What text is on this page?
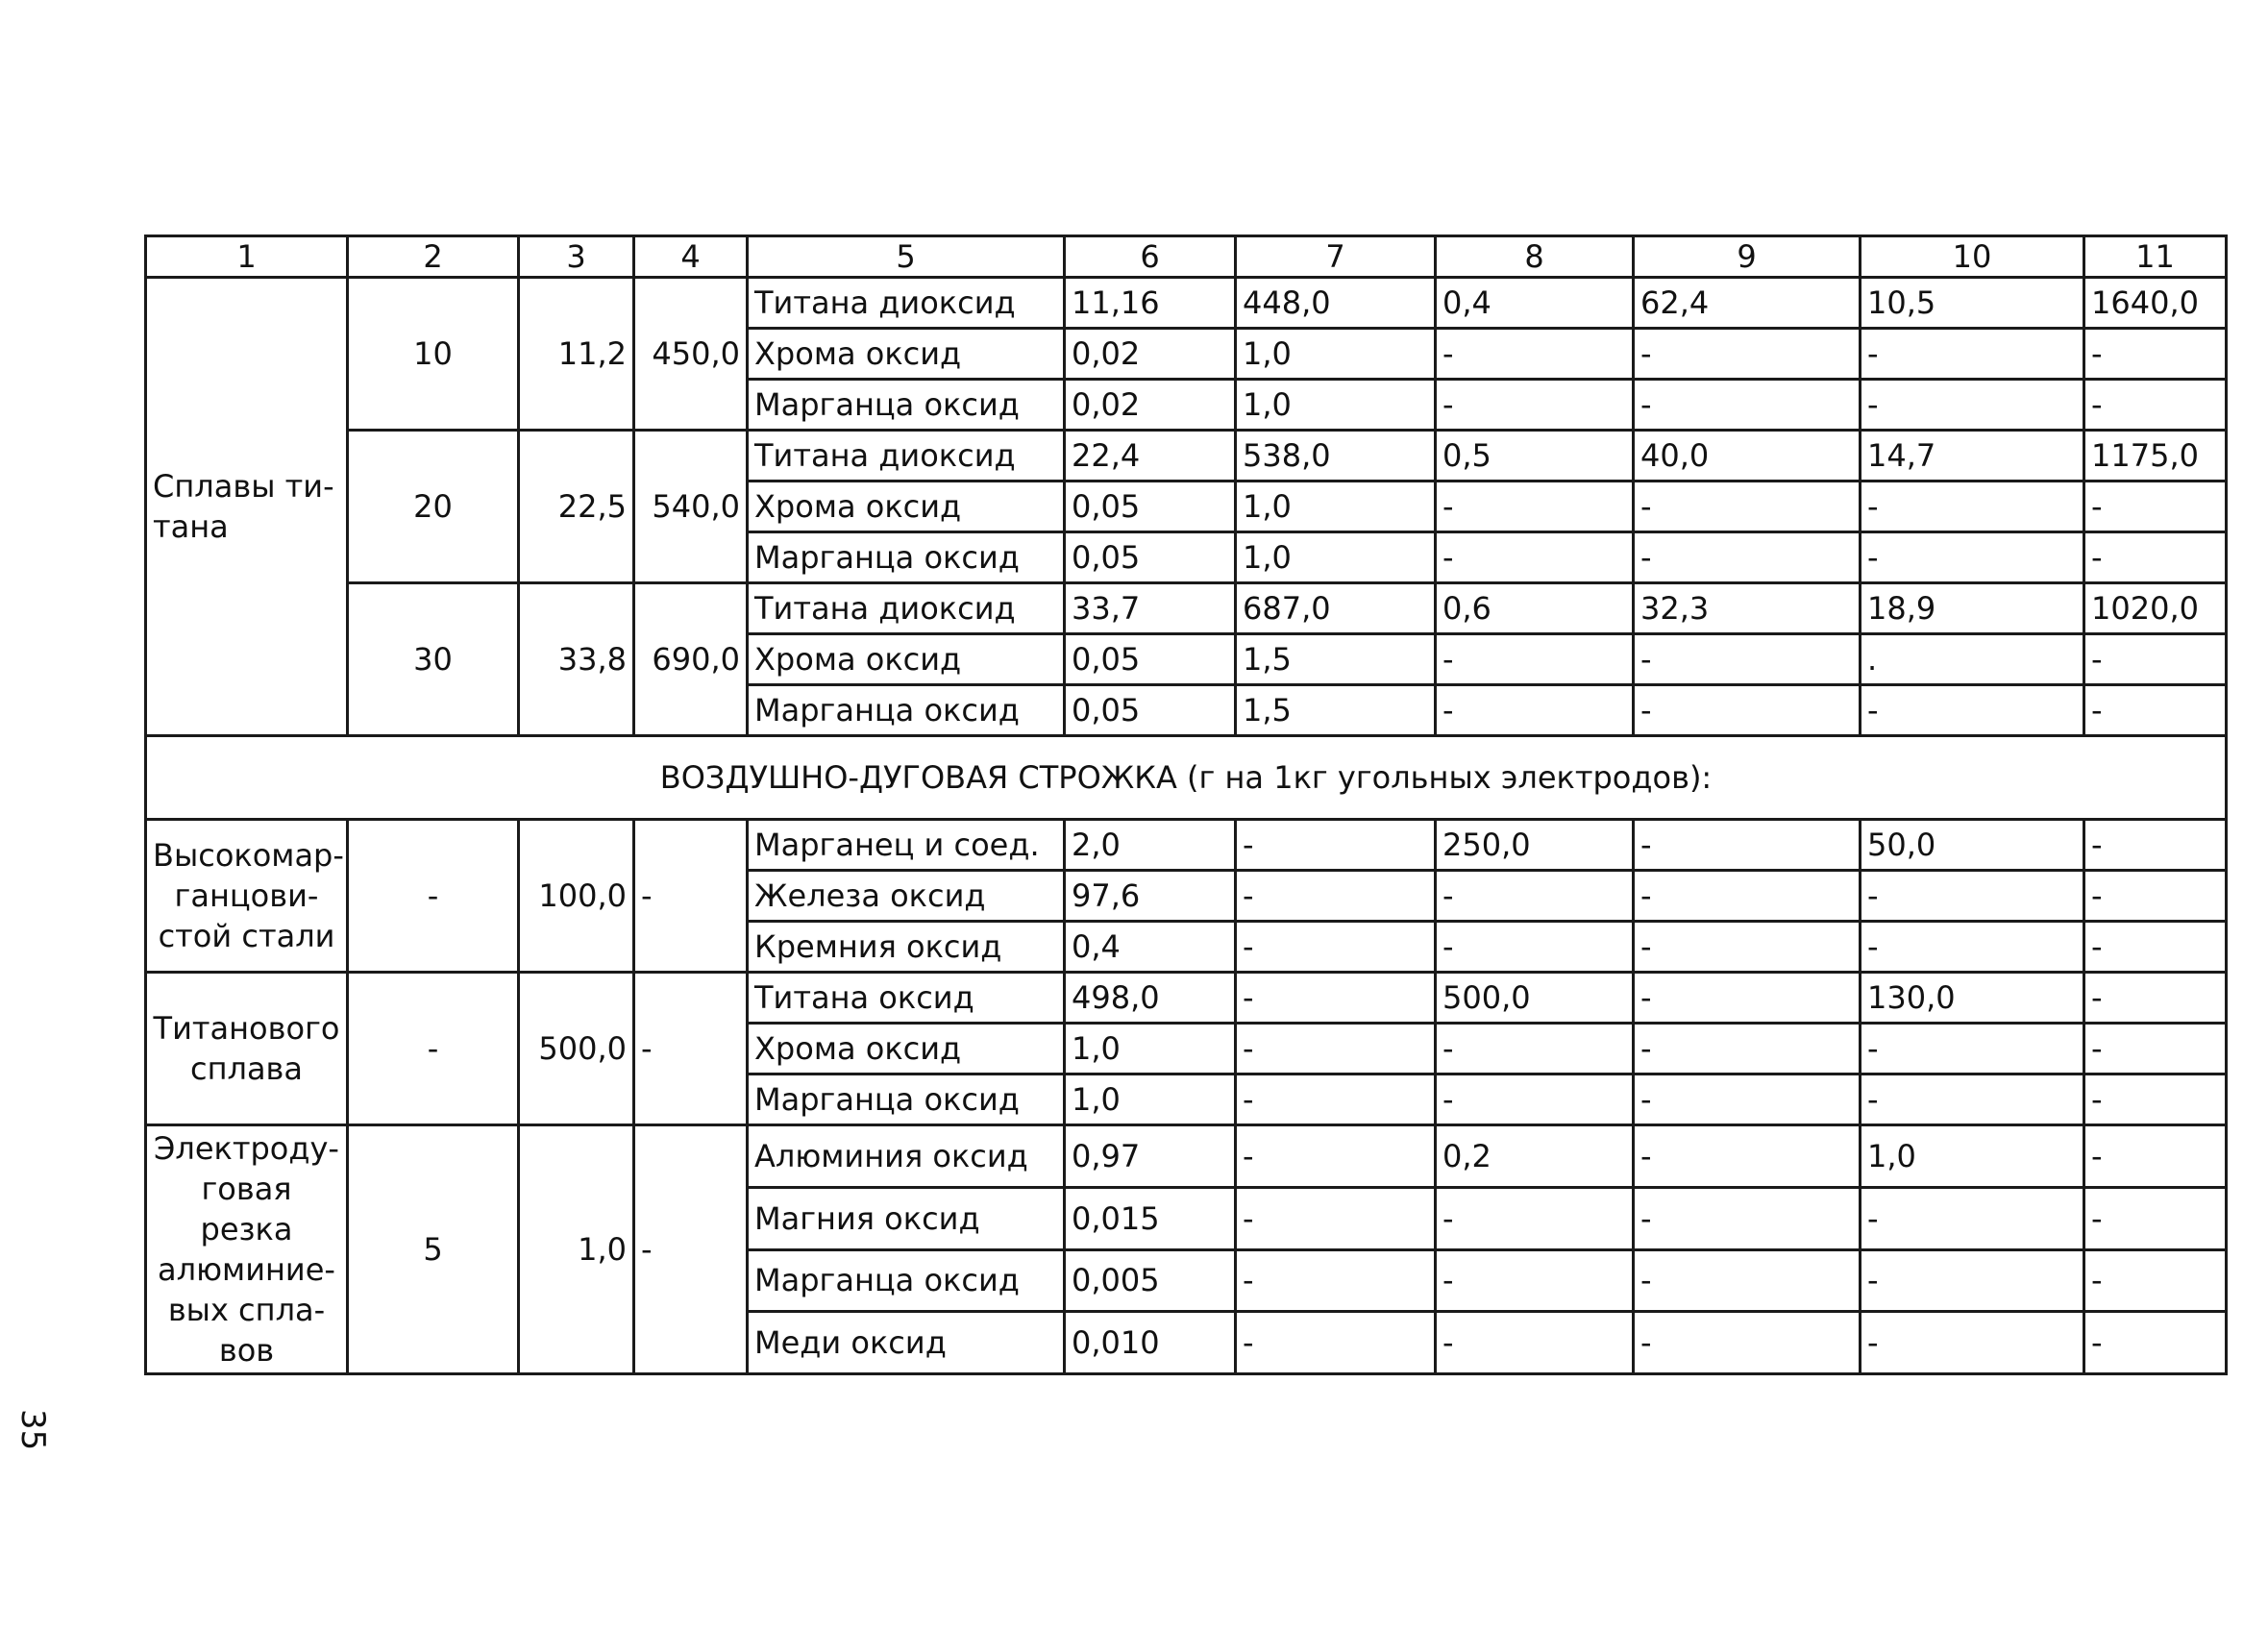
1	2	3	4	5	6	7	8	9	10	11
Сплавы ти-тана	10	11,2	450,0	Титана диоксид	11,16	448,0	0,4	62,4	10,5	1640,0
				Хрома оксид	0,02	1,0	-	-	-	-
				Марганца оксид	0,02	1,0	-	-	-	-
	20	22,5	540,0	Титана диоксид	22,4	538,0	0,5	40,0	14,7	1175,0
				Хрома оксид	0,05	1,0	-	-	-	-
				Марганца оксид	0,05	1,0	-	-	-	-
	30	33,8	690,0	Титана диоксид	33,7	687,0	0,6	32,3	18,9	1020,0
				Хрома оксид	0,05	1,5	-	-	.	-
				Марганца оксид	0,05	1,5	-	-	-	-
ВОЗДУШНО-ДУГОВАЯ СТРОЖКА (г на 1кг угольных электродов):										
Высокомар-ганцови-стой стали	-	100,0	-	Марганец и соед.	2,0	-	250,0	-	50,0	-
				Железа оксид	97,6	-	-	-	-	-
				Кремния оксид	0,4	-	-	-	-	-
Титанового сплава	-	500,0	-	Титана оксид	498,0	-	500,0	-	130,0	-
				Хрома оксид	1,0	-	-	-	-	-
				Марганца оксид	1,0	-	-	-	-	-
Электроду-говая резка алюминие-вых спла-вов	5	1,0	-	Алюминия оксид	0,97	-	0,2	-	1,0	-
				Магния оксид	0,015	-	-	-	-	-
				Марганца оксид	0,005	-	-	-	-	-
				Меди оксид	0,010	-	-	-	-	-
35
